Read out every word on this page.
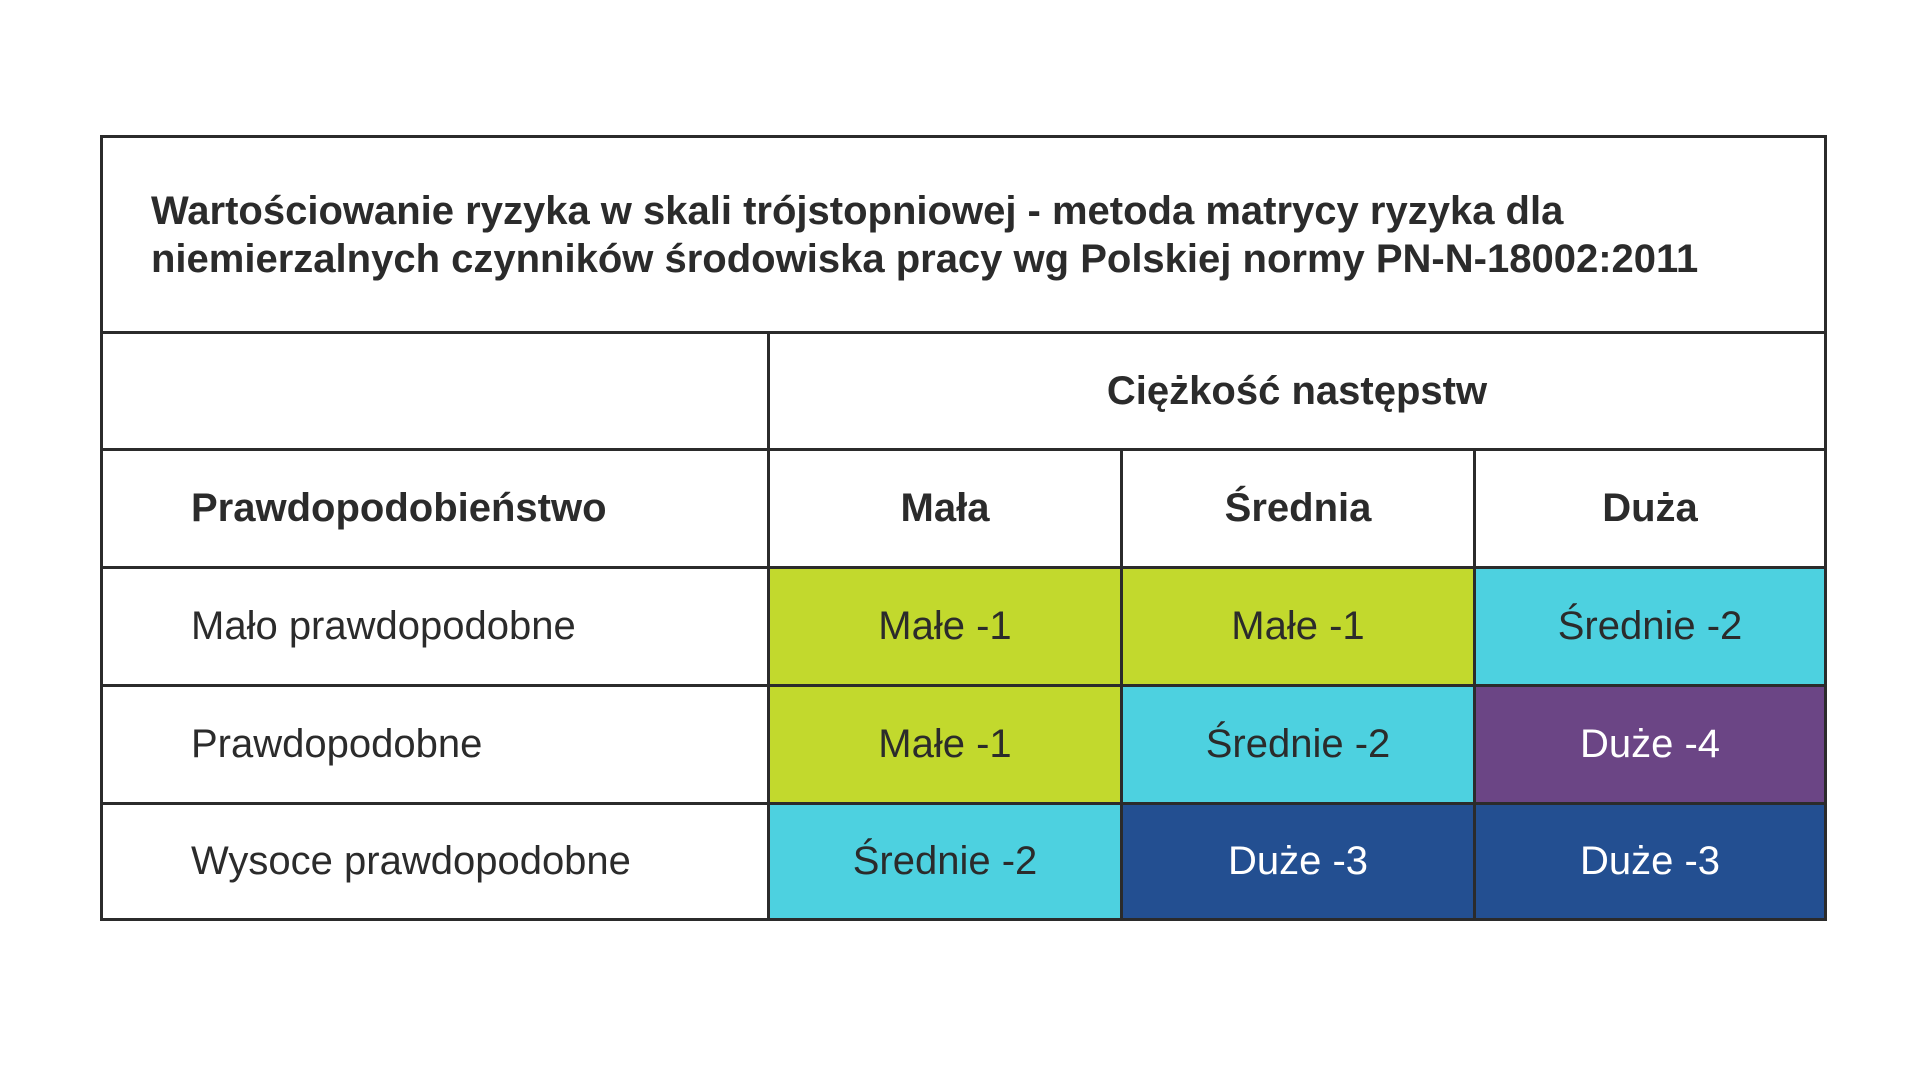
Wartościowanie ryzyka w skali trójstopniowej - metoda matrycy ryzyka dla
niemierzalnych czynników środowiska pracy wg Polskiej normy PN-N-18002:2011
Ciężkość następstw
Prawdopodobieństwo	Mała	Średnia	Duża
Mało prawdopodobne	Małe -1	Małe -1	Średnie -2
Prawdopodobne	Małe -1	Średnie -2	Duże -4
Wysoce prawdopodobne	Średnie -2	Duże -3	Duże -3
